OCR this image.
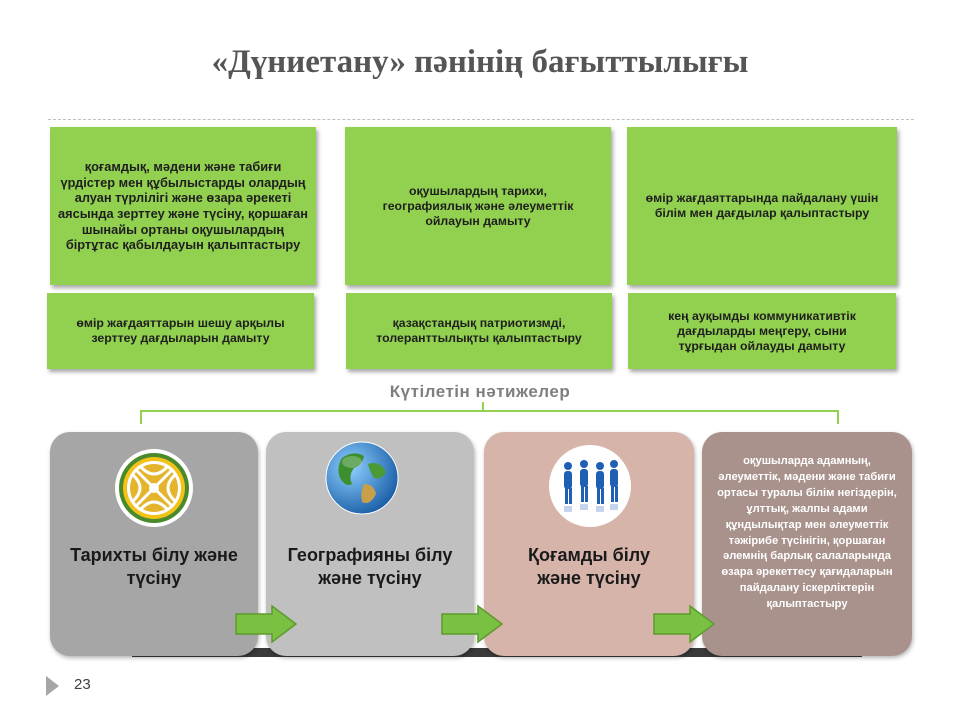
«Дүниетану» пәнінің бағыттылығы
қоғамдық, мәдени және табиғи үрдістер мен құбылыстарды олардың алуан түрлілігі және өзара әрекеті аясында зерттеу және түсіну, қоршаған шынайы ортаны оқушылардың біртұтас қабылдауын қалыптастыру
оқушылардың тарихи, географиялық және әлеуметтік ойлауын дамыту
өмір жағдаяттарында пайдалану үшін білім мен дағдылар қалыптастыру
өмір жағдаяттарын шешу арқылы зерттеу дағдыларын дамыту
қазақстандық патриотизмді, толеранттылықты қалыптастыру
кең ауқымды коммуникативтік дағдыларды меңгеру, сыни тұрғыдан ойлауды дамыту
Күтілетін нәтижелер
Тарихты білу және түсіну
Географияны білу және түсіну
Қоғамды білу және түсіну
оқушыларда адамның, әлеуметтік, мәдени және табиғи ортасы туралы білім негіздерін, ұлттық, жалпы адами құндылықтар мен әлеуметтік тәжірибе түсінігін, қоршаған әлемнің барлық салаларында өзара әрекеттесу қағидаларын пайдалану іскерліктерін қалыптастыру
23
